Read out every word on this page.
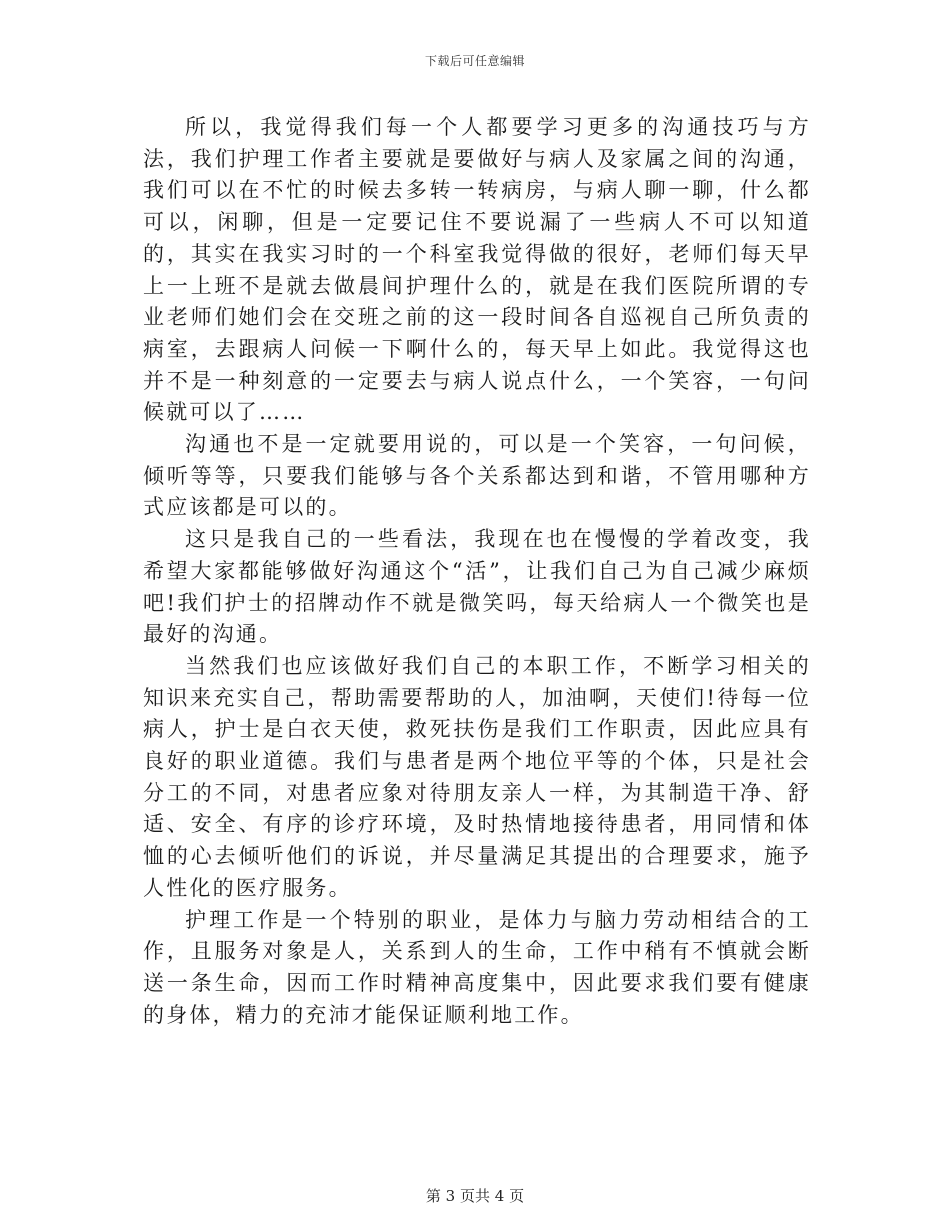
下载后可任意编辑

所以，我觉得我们每一个人都要学习更多的沟通技巧与方法，我们护理工作者主要就是要做好与病人及家属之间的沟通，我们可以在不忙的时候去多转一转病房，与病人聊一聊，什么都可以，闲聊，但是一定要记住不要说漏了一些病人不可以知道的，其实在我实习时的一个科室我觉得做的很好，老师们每天早上一上班不是就去做晨间护理什么的，就是在我们医院所谓的专业老师们她们会在交班之前的这一段时间各自巡视自己所负责的病室，去跟病人问候一下啊什么的，每天早上如此。我觉得这也并不是一种刻意的一定要去与病人说点什么，一个笑容，一句问候就可以了……

沟通也不是一定就要用说的，可以是一个笑容，一句问候，倾听等等，只要我们能够与各个关系都达到和谐，不管用哪种方式应该都是可以的。

这只是我自己的一些看法，我现在也在慢慢的学着改变，我希望大家都能够做好沟通这个“活”，让我们自己为自己减少麻烦吧!我们护士的招牌动作不就是微笑吗，每天给病人一个微笑也是最好的沟通。

当然我们也应该做好我们自己的本职工作，不断学习相关的知识来充实自己，帮助需要帮助的人，加油啊，天使们!待每一位病人，护士是白衣天使，救死扶伤是我们工作职责，因此应具有良好的职业道德。我们与患者是两个地位平等的个体，只是社会分工的不同，对患者应象对待朋友亲人一样，为其制造干净、舒适、安全、有序的诊疗环境，及时热情地接待患者，用同情和体恤的心去倾听他们的诉说，并尽量满足其提出的合理要求，施予人性化的医疗服务。

护理工作是一个特别的职业，是体力与脑力劳动相结合的工作，且服务对象是人，关系到人的生命，工作中稍有不慎就会断送一条生命，因而工作时精神高度集中，因此要求我们要有健康的身体，精力的充沛才能保证顺利地工作。

第 3 页共 4 页
